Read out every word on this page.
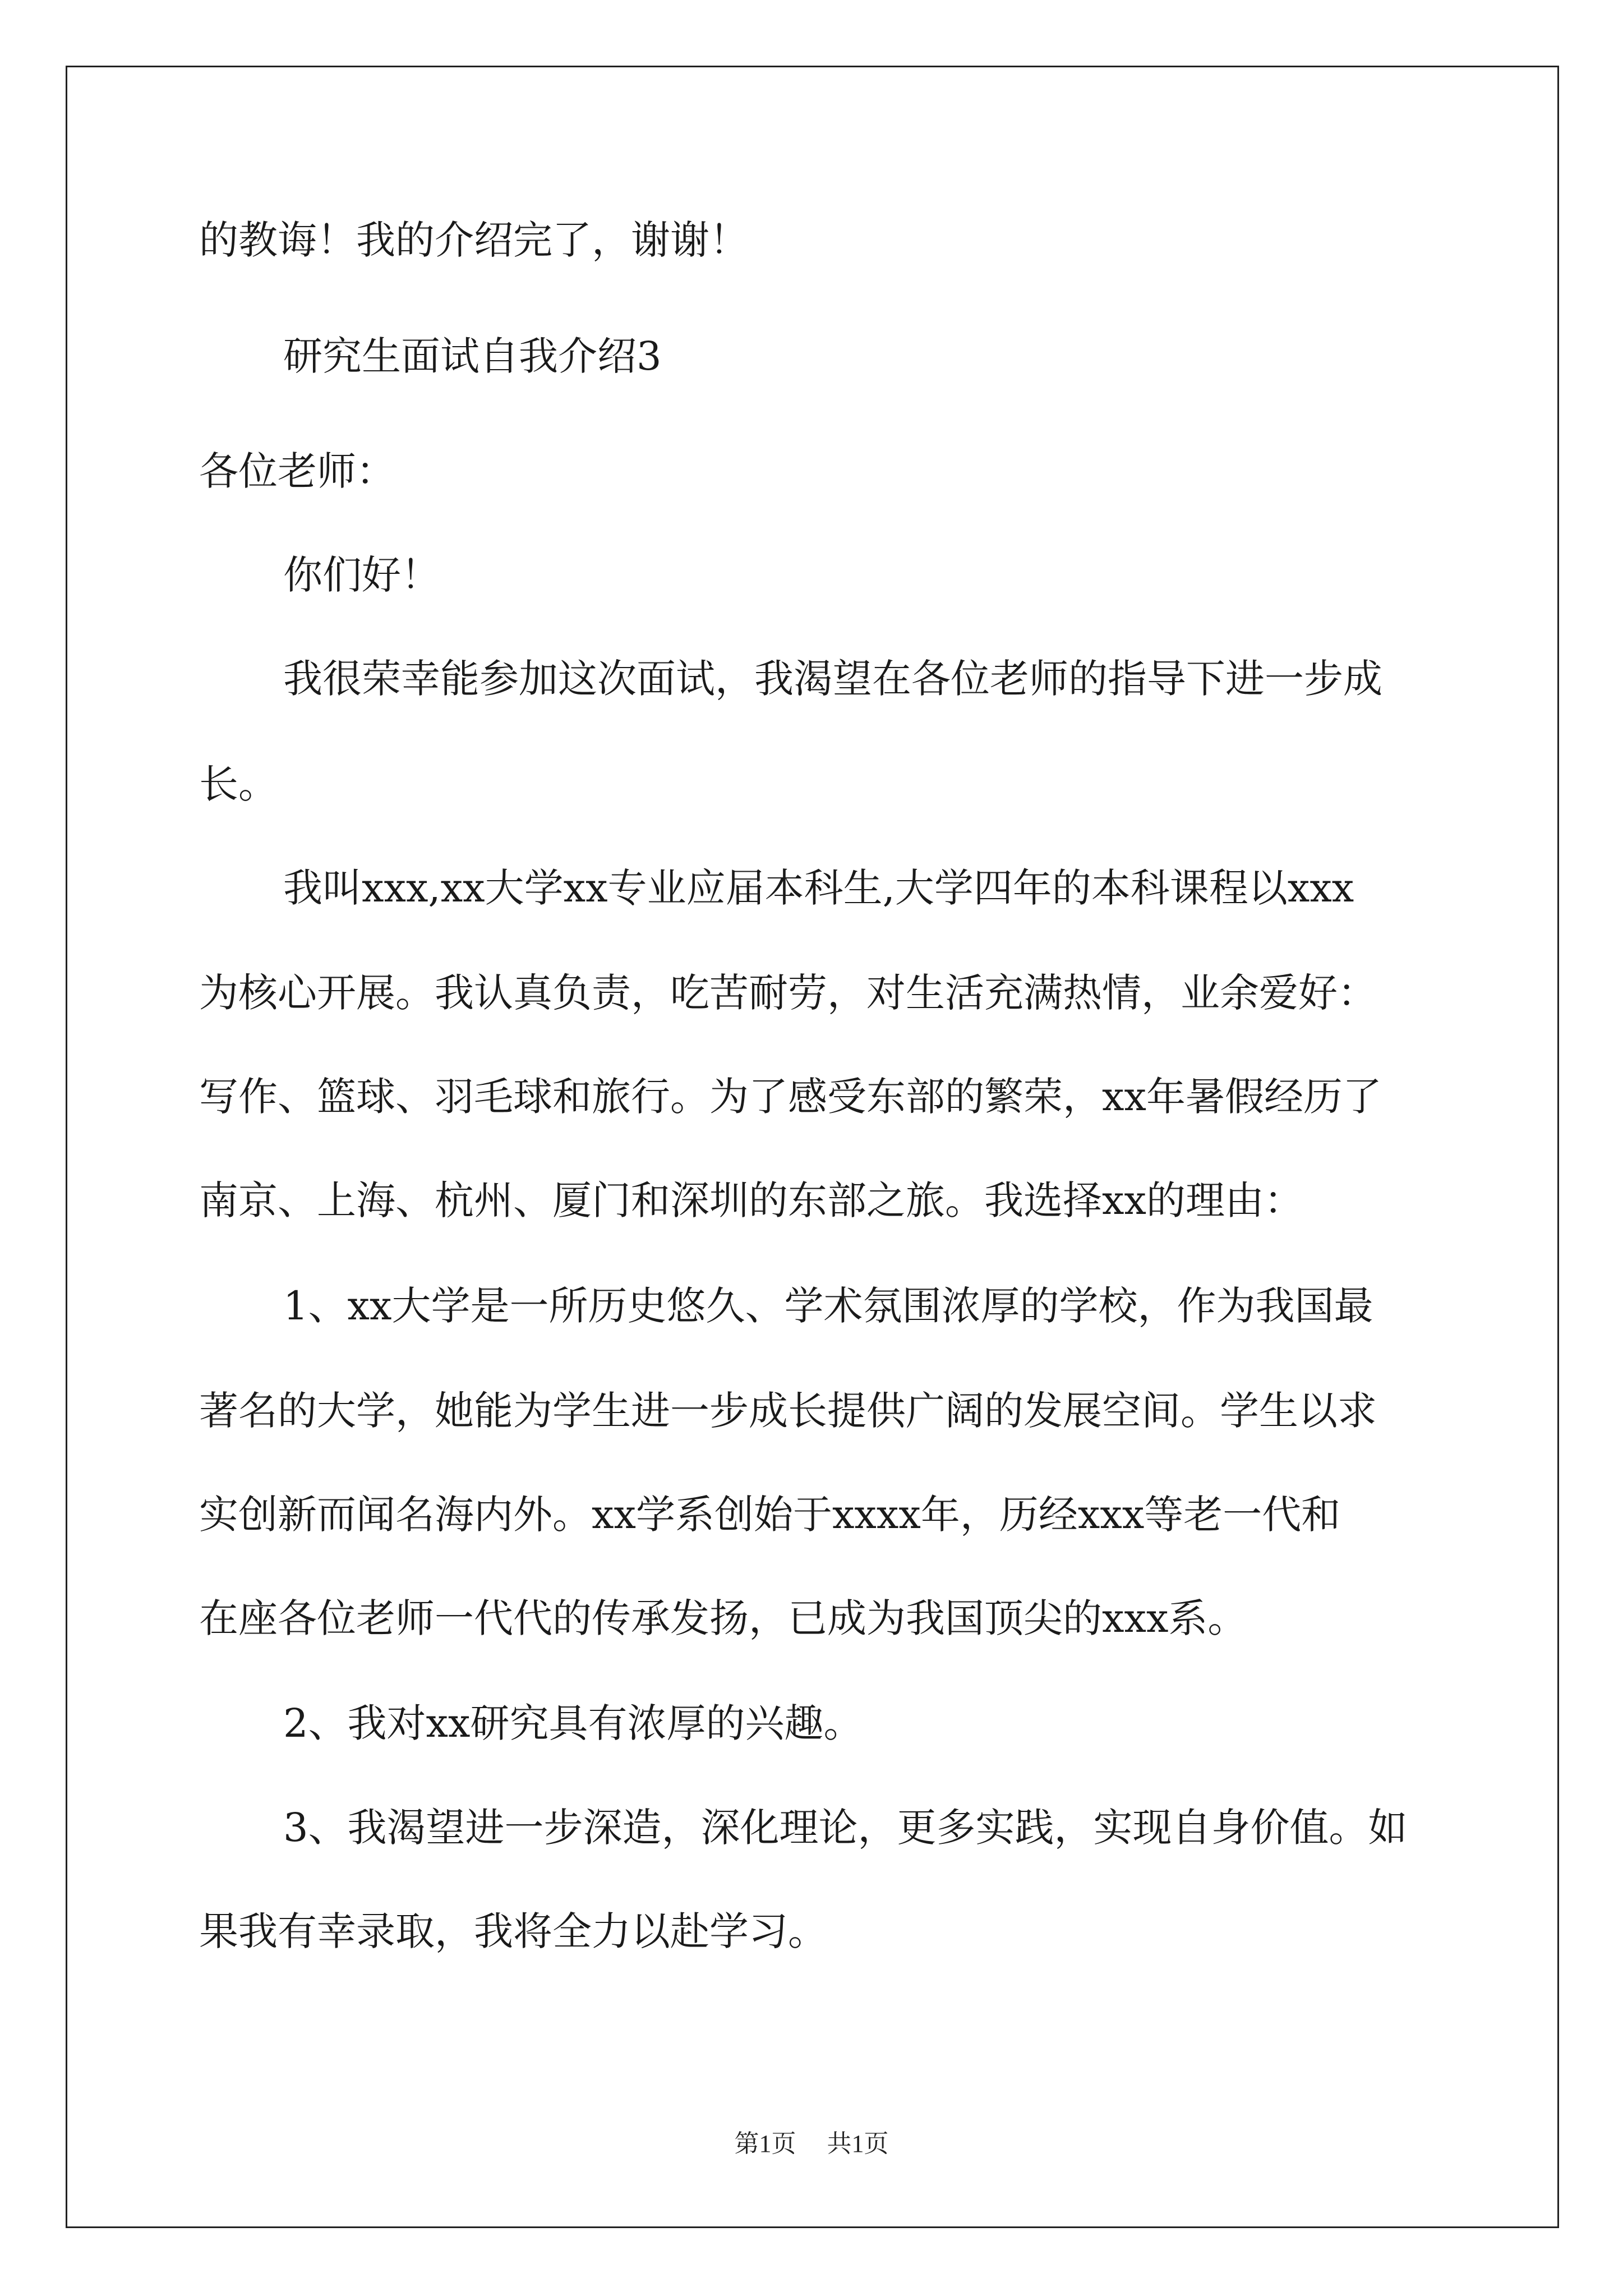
的教诲！我的介绍完了，谢谢！

研究生面试自我介绍3

各位老师：

你们好！

我很荣幸能参加这次面试，我渴望在各位老师的指导下进一步成

长。

我叫xxx,xx大学xx专业应届本科生,大学四年的本科课程以xxx

为核心开展。我认真负责，吃苦耐劳，对生活充满热情，业余爱好：

写作、篮球、羽毛球和旅行。为了感受东部的繁荣，xx年暑假经历了

南京、上海、杭州、厦门和深圳的东部之旅。我选择xx的理由：

1、xx大学是一所历史悠久、学术氛围浓厚的学校，作为我国最

著名的大学，她能为学生进一步成长提供广阔的发展空间。学生以求

实创新而闻名海内外。xx学系创始于xxxx年，历经xxx等老一代和

在座各位老师一代代的传承发扬，已成为我国顶尖的xxx系。

2、我对xx研究具有浓厚的兴趣。

3、我渴望进一步深造，深化理论，更多实践，实现自身价值。如

果我有幸录取，我将全力以赴学习。

第1页 共1页
